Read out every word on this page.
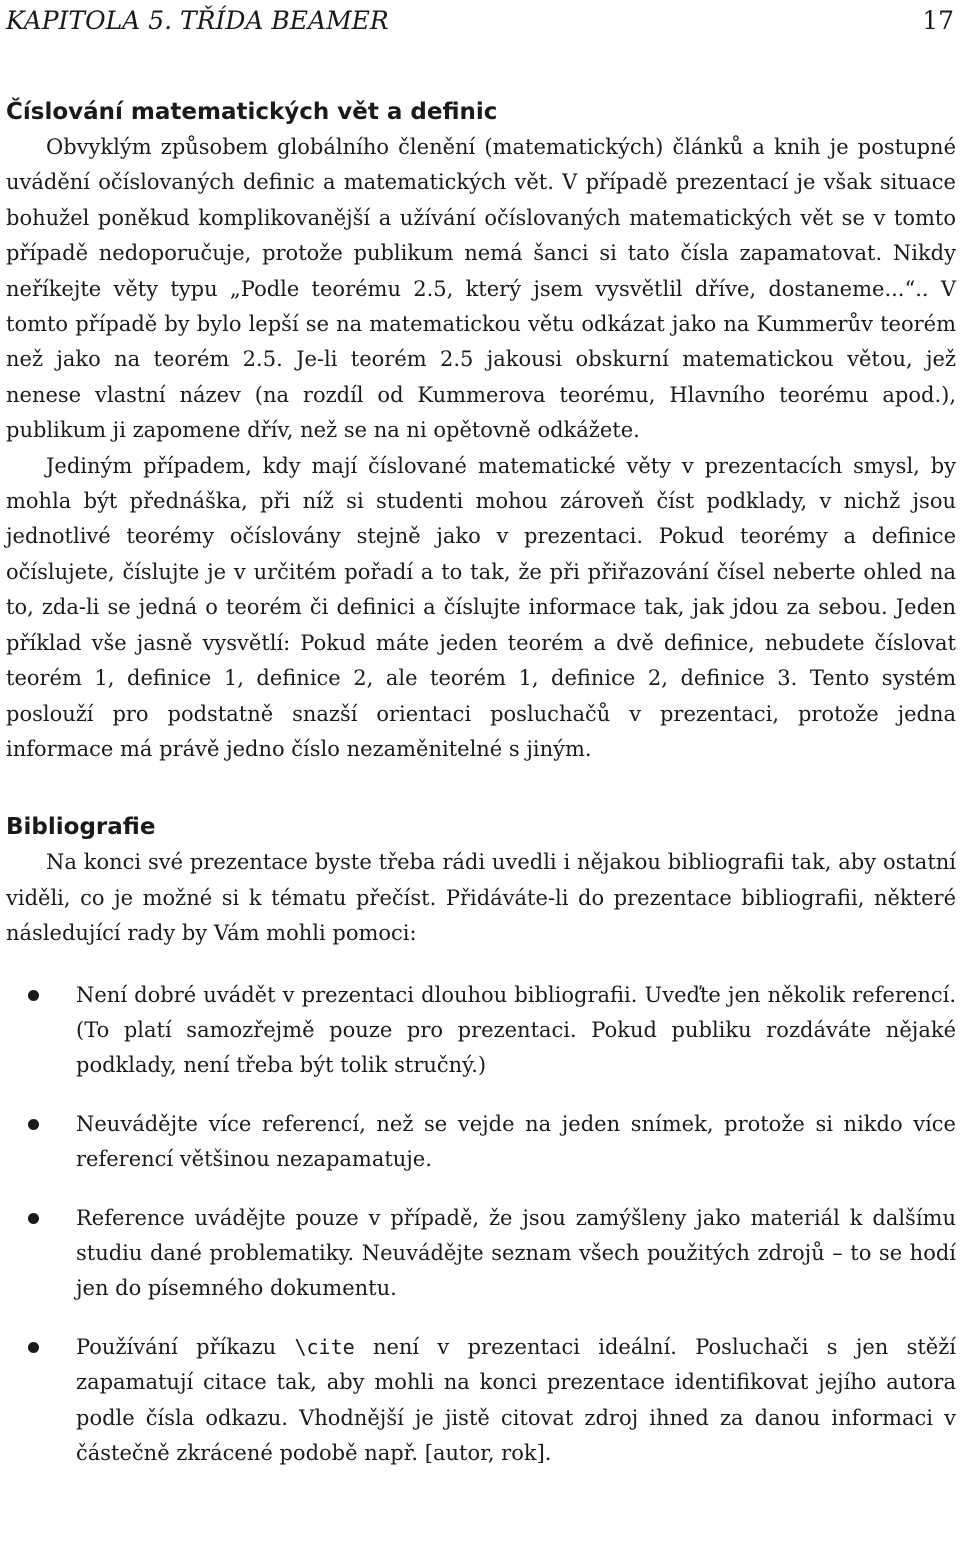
KAPITOLA 5. TŘÍDA BEAMER	17
Číslování matematických vět a definic

Obvyklým způsobem globálního členění (matematických) článků a knih je postupné uvádění očíslovaných definic a matematických vět. V případě prezentací je však situace bohužel poněkud komplikovanější a užívání očíslovaných matematických vět se v tomto případě nedoporučuje, protože publikum nemá šanci si tato čísla zapamatovat. Nikdy neříkejte věty typu „Podle teorému 2.5, který jsem vysvětlil dříve, dostaneme...“.. V tomto případě by bylo lepší se na matematickou větu odkázat jako na Kummerův teorém než jako na teorém 2.5. Je-li teorém 2.5 jakousi obskurní matematickou větou, jež nenese vlastní název (na rozdíl od Kummerova teorému, Hlavního teorému apod.), publikum ji zapomene dřív, než se na ni opětovně odkážete.

Jediným případem, kdy mají číslované matematické věty v prezentacích smysl, by mohla být přednáška, při níž si studenti mohou zároveň číst podklady, v nichž jsou jednotlivé teorémy očíslovány stejně jako v prezentaci. Pokud teorémy a definice očíslujete, číslujte je v určitém pořadí a to tak, že při přiřazování čísel neberte ohled na to, zda-li se jedná o teorém či definici a číslujte informace tak, jak jdou za sebou. Jeden příklad vše jasně vysvětlí: Pokud máte jeden teorém a dvě definice, nebudete číslovat teorém 1, definice 1, definice 2, ale teorém 1, definice 2, definice 3. Tento systém poslouží pro podstatně snazší orientaci posluchačů v prezentaci, protože jedna informace má právě jedno číslo nezaměnitelné s jiným.

Bibliografie

Na konci své prezentace byste třeba rádi uvedli i nějakou bibliografii tak, aby ostatní viděli, co je možné si k tématu přečíst. Přidáváte-li do prezentace bibliografii, některé následující rady by Vám mohli pomoci:

Není dobré uvádět v prezentaci dlouhou bibliografii. Uveďte jen několik referencí. (To platí samozřejmě pouze pro prezentaci. Pokud publiku rozdáváte nějaké podklady, není třeba být tolik stručný.)
Neuvádějte více referencí, než se vejde na jeden snímek, protože si nikdo více referencí většinou nezapamatuje.
Reference uvádějte pouze v případě, že jsou zamýšleny jako materiál k dalšímu studiu dané problematiky. Neuvádějte seznam všech použitých zdrojů – to se hodí jen do písemného dokumentu.
Používání příkazu \cite není v prezentaci ideální. Posluchači s jen stěží zapamatují citace tak, aby mohli na konci prezentace identifikovat jejího autora podle čísla odkazu. Vhodnější je jistě citovat zdroj ihned za danou informaci v částečně zkrácené podobě např. [autor, rok].
